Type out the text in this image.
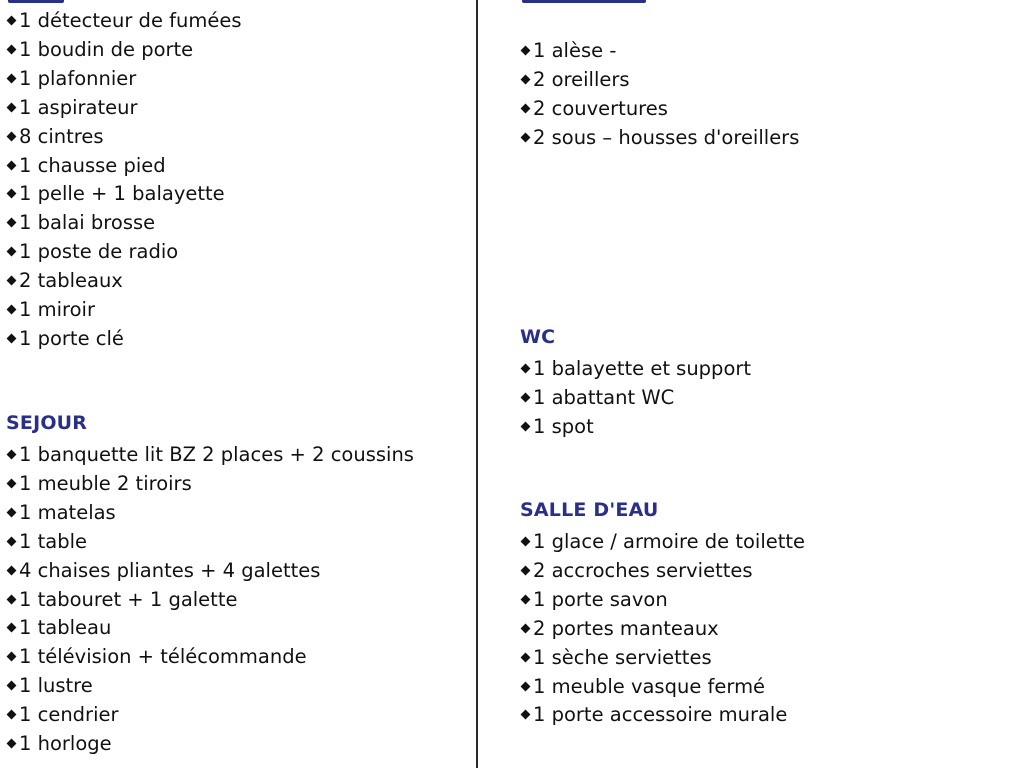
1 détecteur de fumées
1 boudin de porte
1 plafonnier
1 aspirateur
8 cintres
1 chausse pied
1 pelle + 1 balayette
1 balai brosse
1 poste de radio
2 tableaux
1 miroir
1 porte clé
SEJOUR
1 banquette lit BZ 2 places + 2 coussins
1 meuble 2 tiroirs
1 matelas
1 table
4 chaises pliantes + 4 galettes
1 tabouret + 1 galette
1 tableau
1 télévision + télécommande
1 lustre
1 cendrier
1 horloge
1 alèse -
2 oreillers
2 couvertures
2 sous – housses d'oreillers
WC
1 balayette et support
1 abattant WC
1 spot
SALLE D'EAU
1 glace / armoire de toilette
2 accroches serviettes
1 porte savon
2 portes manteaux
1 sèche serviettes
1 meuble vasque fermé
1 porte accessoire murale
